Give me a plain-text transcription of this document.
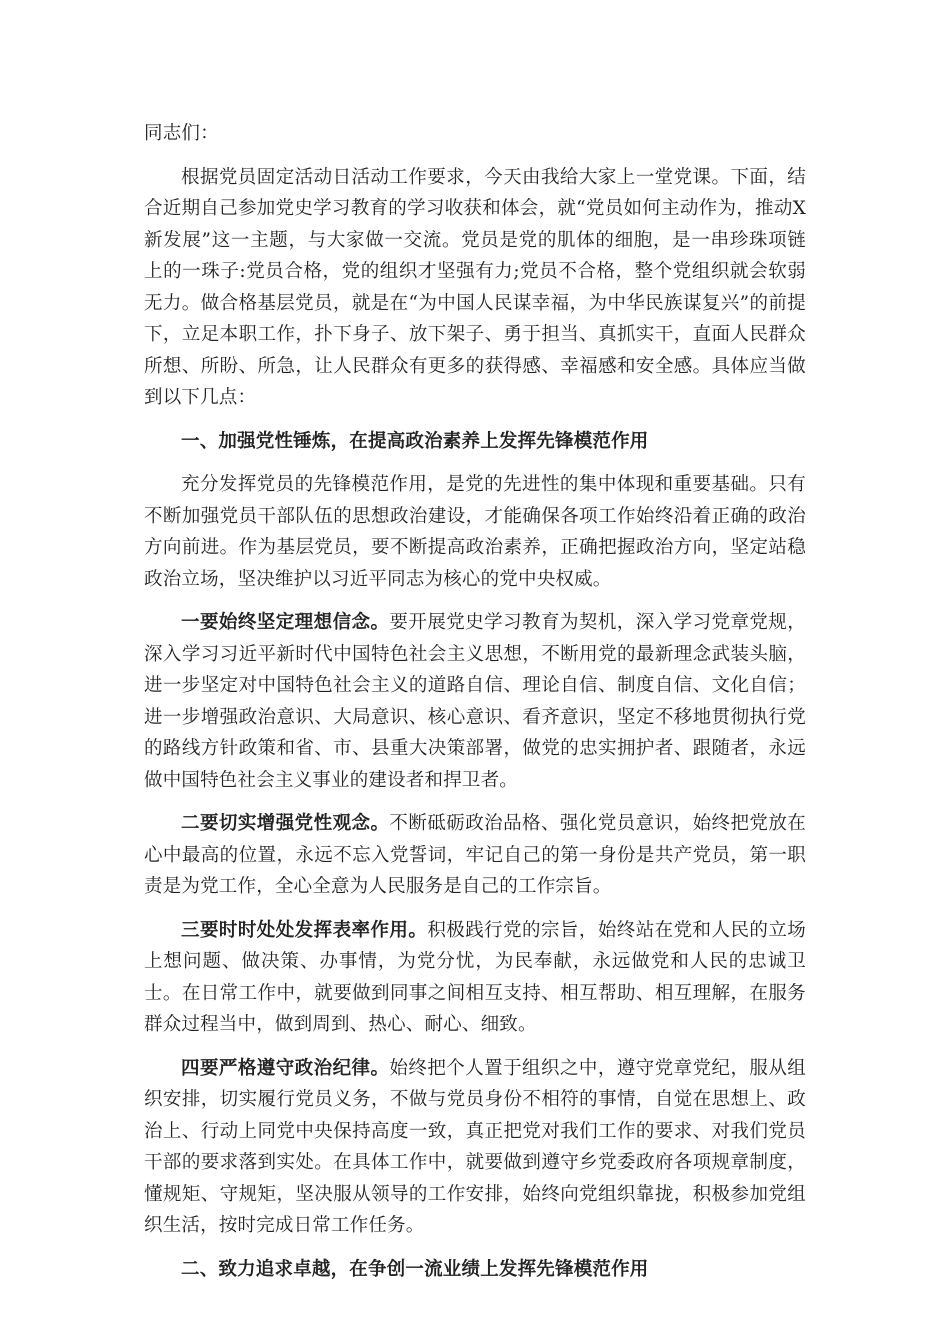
同志们：

根据党员固定活动日活动工作要求，今天由我给大家上一堂党课。下面，结合近期自己参加党史学习教育的学习收获和体会，就“党员如何主动作为，推动X新发展”这一主题，与大家做一交流。党员是党的肌体的细胞，是一串珍珠项链上的一珠子:党员合格，党的组织才坚强有力;党员不合格，整个党组织就会软弱无力。做合格基层党员，就是在“为中国人民谋幸福，为中华民族谋复兴”的前提下，立足本职工作，扑下身子、放下架子、勇于担当、真抓实干，直面人民群众所想、所盼、所急，让人民群众有更多的获得感、幸福感和安全感。具体应当做到以下几点：

一、加强党性锤炼，在提高政治素养上发挥先锋模范作用

充分发挥党员的先锋模范作用，是党的先进性的集中体现和重要基础。只有不断加强党员干部队伍的思想政治建设，才能确保各项工作始终沿着正确的政治方向前进。作为基层党员，要不断提高政治素养，正确把握政治方向，坚定站稳政治立场，坚决维护以习近平同志为核心的党中央权威。

一要始终坚定理想信念。要开展党史学习教育为契机，深入学习党章党规，深入学习习近平新时代中国特色社会主义思想，不断用党的最新理念武装头脑，进一步坚定对中国特色社会主义的道路自信、理论自信、制度自信、文化自信；进一步增强政治意识、大局意识、核心意识、看齐意识，坚定不移地贯彻执行党的路线方针政策和省、市、县重大决策部署，做党的忠实拥护者、跟随者，永远做中国特色社会主义事业的建设者和捍卫者。

二要切实增强党性观念。不断砥砺政治品格、强化党员意识，始终把党放在心中最高的位置，永远不忘入党誓词，牢记自己的第一身份是共产党员，第一职责是为党工作，全心全意为人民服务是自己的工作宗旨。

三要时时处处发挥表率作用。积极践行党的宗旨，始终站在党和人民的立场上想问题、做决策、办事情，为党分忧，为民奉献，永远做党和人民的忠诚卫士。在日常工作中，就要做到同事之间相互支持、相互帮助、相互理解，在服务群众过程当中，做到周到、热心、耐心、细致。

四要严格遵守政治纪律。始终把个人置于组织之中，遵守党章党纪，服从组织安排，切实履行党员义务，不做与党员身份不相符的事情，自觉在思想上、政治上、行动上同党中央保持高度一致，真正把党对我们工作的要求、对我们党员干部的要求落到实处。在具体工作中，就要做到遵守乡党委政府各项规章制度，懂规矩、守规矩，坚决服从领导的工作安排，始终向党组织靠拢，积极参加党组织生活，按时完成日常工作任务。

二、致力追求卓越，在争创一流业绩上发挥先锋模范作用
